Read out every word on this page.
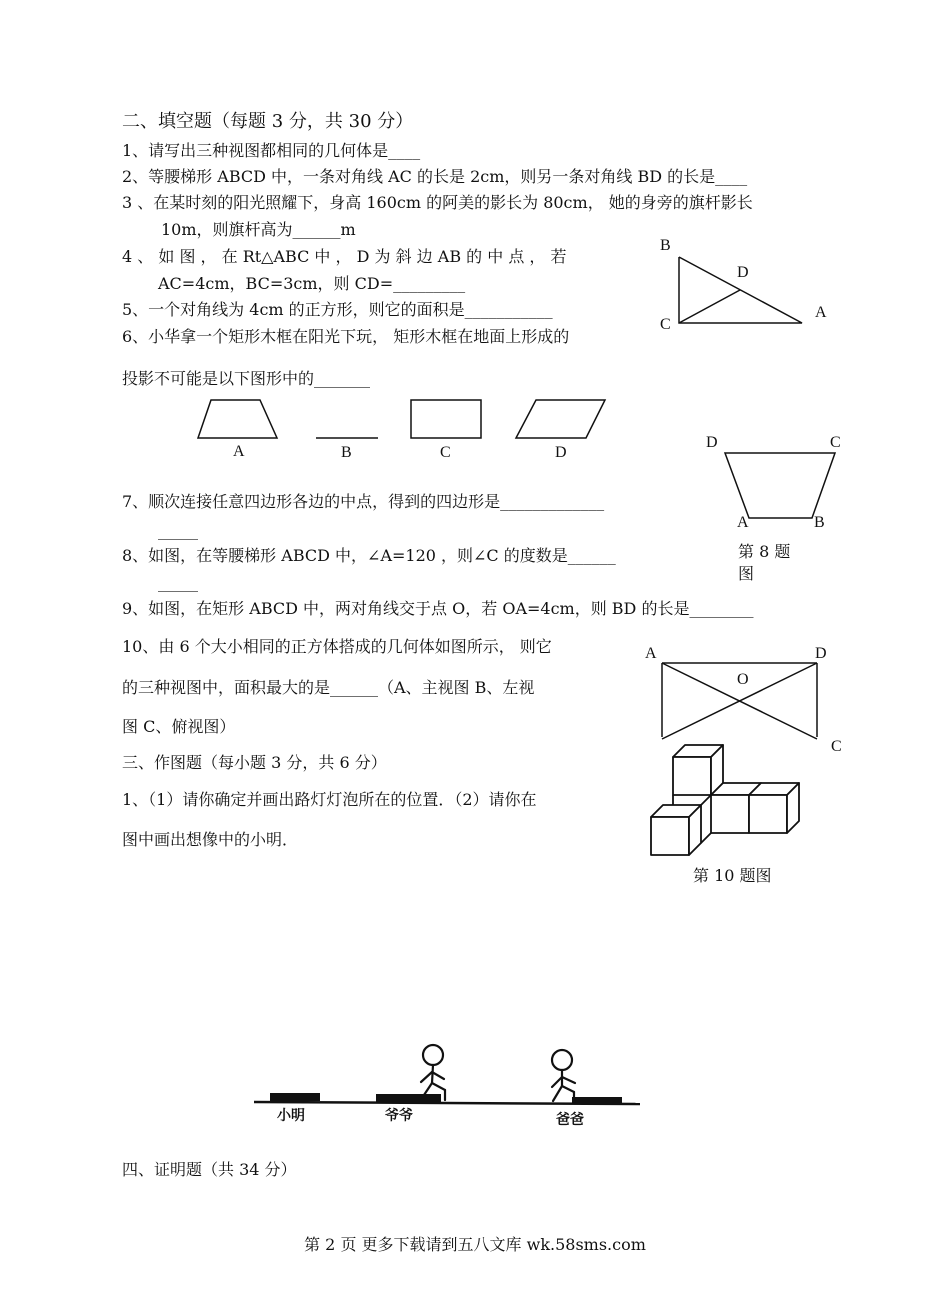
二、填空题（每题 3 分，共 30 分）
1、请写出三种视图都相同的几何体是____
2、等腰梯形 ABCD 中，一条对角线 AC 的长是 2cm，则另一条对角线 BD 的长是____
3 、在某时刻的阳光照耀下，身高 160cm 的阿美的影长为 80cm， 她的身旁的旗杆影长
10m，则旗杆高为______m
4 、 如 图 ， 在 Rt△ABC 中 ， D 为 斜 边 AB 的 中 点 ， 若
AC=4cm，BC=3cm，则 CD=_________
5、一个对角线为 4cm 的正方形，则它的面积是___________
6、小华拿一个矩形木框在阳光下玩， 矩形木框在地面上形成的
投影不可能是以下图形中的_______
7、顺次连接任意四边形各边的中点，得到的四边形是_____________
_____
8、如图，在等腰梯形 ABCD 中，∠A=120 ，则∠C 的度数是______
_____
9、如图，在矩形 ABCD 中，两对角线交于点 O，若 OA=4cm，则 BD 的长是________
10、由 6 个大小相同的正方体搭成的几何体如图所示， 则它
的三种视图中，面积最大的是______（A、主视图 B、左视
图 C、俯视图）
三、作图题（每小题 3 分，共 6 分）
1、（1）请你确定并画出路灯灯泡所在的位置．（2）请你在
图中画出想像中的小明．
四、证明题（共 34 分）
B
D
C
A
A	B	C	D
D	C
A	B
第 8 题
图
A	D
O
C
第 10 题图
小明	爷爷	爸爸
第 2 页 更多下载请到五八文库 wk.58sms.com
